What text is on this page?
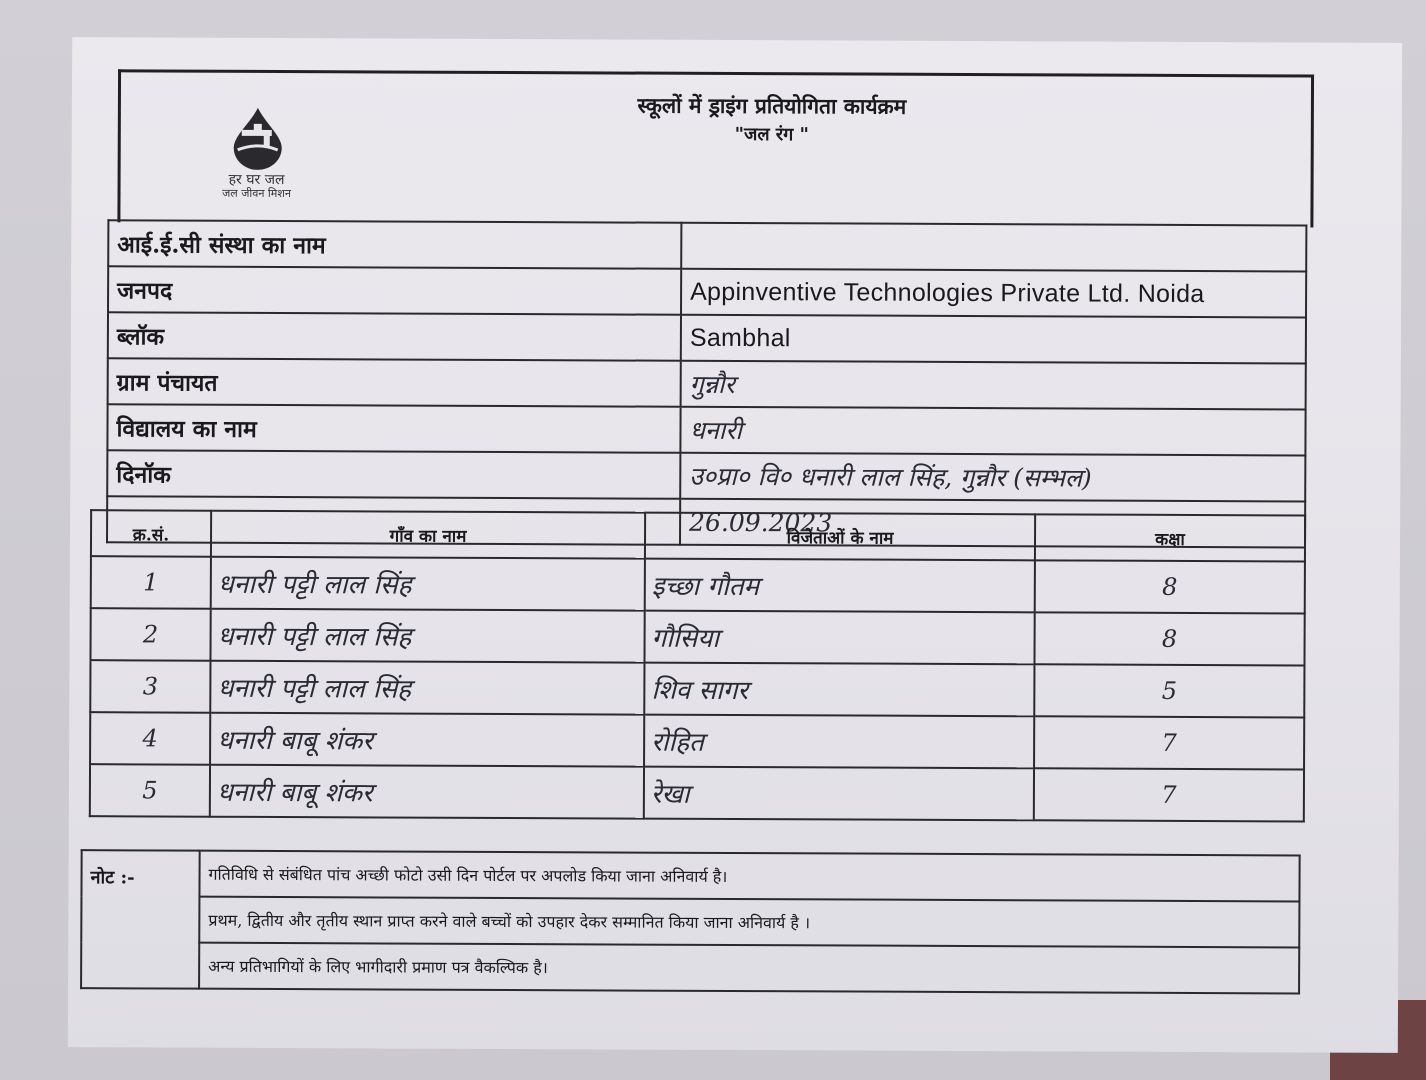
हर घर जल
जल जीवन मिशन
स्कूलों में ड्राइंग प्रतियोगिता कार्यक्रम
"जल रंग "
आई.ई.सी संस्था का नाम	
जनपद	Appinventive Technologies Private Ltd. Noida
ब्लॉक	Sambhal
ग्राम पंचायत	गुन्नौर
विद्यालय का नाम	धनारी
दिनॉक	उ०प्रा० वि० धनारी लाल सिंह, गुन्नौर (सम्भल)
	26.09.2023
क्र.सं.	गाँव का नाम	विजेताओं के नाम	कक्षा
1	धनारी पट्टी लाल सिंह	इच्छा गौतम	8
2	धनारी पट्टी लाल सिंह	गौसिया	8
3	धनारी पट्टी लाल सिंह	शिव सागर	5
4	धनारी बाबू शंकर	रोहित	7
5	धनारी बाबू शंकर	रेखा	7
नोट :-	गतिविधि से संबंधित पांच अच्छी फोटो उसी दिन पोर्टल पर अपलोड किया जाना अनिवार्य है।
प्रथम, द्वितीय और तृतीय स्थान प्राप्त करने वाले बच्चों को उपहार देकर सम्मानित किया जाना अनिवार्य है ।
अन्य प्रतिभागियों के लिए भागीदारी प्रमाण पत्र वैकल्पिक है।
